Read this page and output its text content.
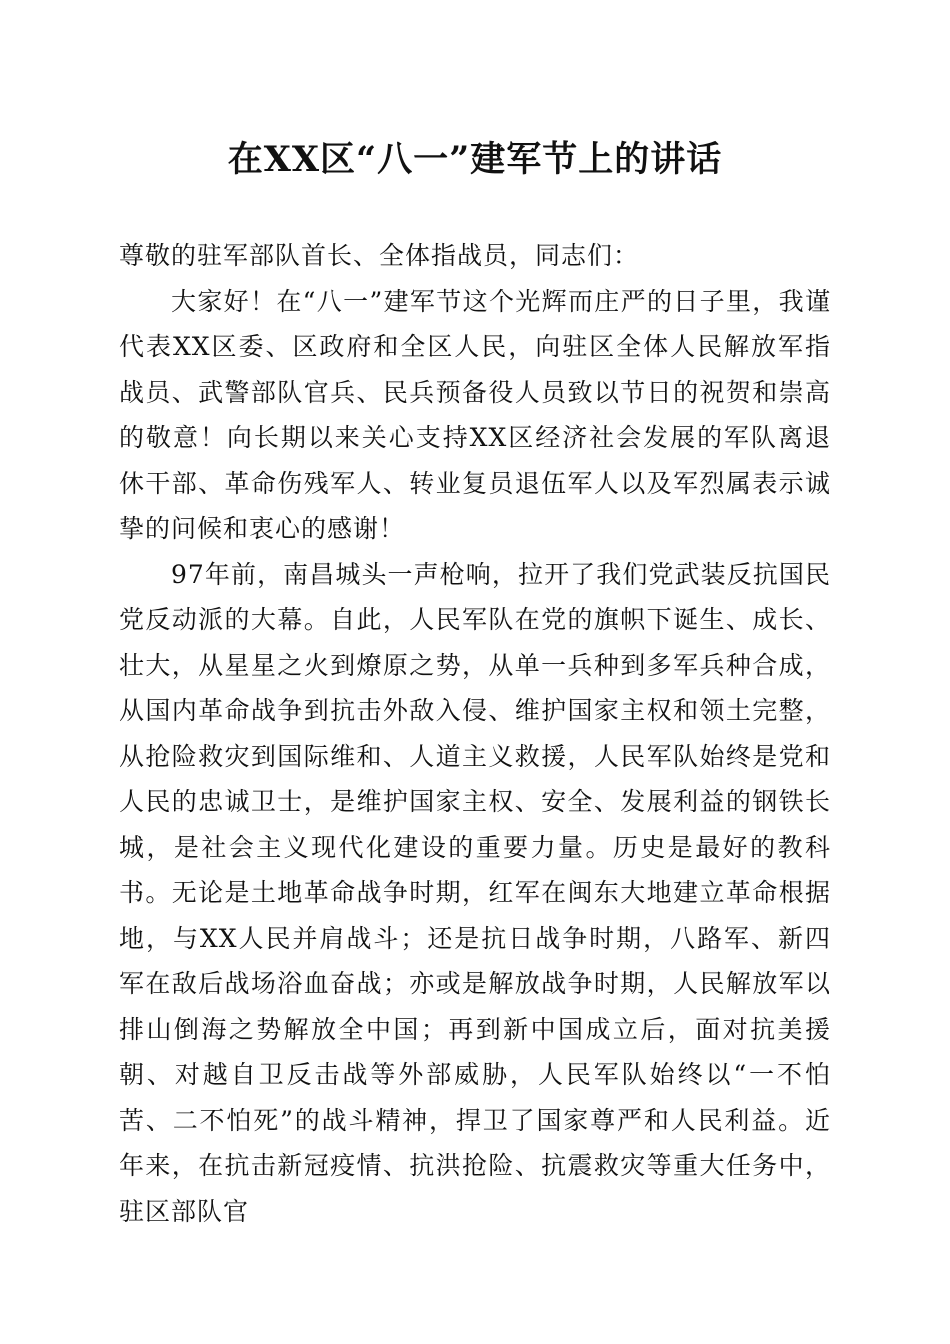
在XX区“八一”建军节上的讲话

尊敬的驻军部队首长、全体指战员，同志们：

大家好！在“八一”建军节这个光辉而庄严的日子里，我谨代表XX区委、区政府和全区人民，向驻区全体人民解放军指战员、武警部队官兵、民兵预备役人员致以节日的祝贺和崇高的敬意！向长期以来关心支持XX区经济社会发展的军队离退休干部、革命伤残军人、转业复员退伍军人以及军烈属表示诚挚的问候和衷心的感谢！

97年前，南昌城头一声枪响，拉开了我们党武装反抗国民党反动派的大幕。自此，人民军队在党的旗帜下诞生、成长、壮大，从星星之火到燎原之势，从单一兵种到多军兵种合成，从国内革命战争到抗击外敌入侵、维护国家主权和领土完整，从抢险救灾到国际维和、人道主义救援，人民军队始终是党和人民的忠诚卫士，是维护国家主权、安全、发展利益的钢铁长城，是社会主义现代化建设的重要力量。历史是最好的教科书。无论是土地革命战争时期，红军在闽东大地建立革命根据地，与XX人民并肩战斗；还是抗日战争时期，八路军、新四军在敌后战场浴血奋战；亦或是解放战争时期，人民解放军以排山倒海之势解放全中国；再到新中国成立后，面对抗美援朝、对越自卫反击战等外部威胁，人民军队始终以“一不怕苦、二不怕死”的战斗精神，捍卫了国家尊严和人民利益。近年来，在抗击新冠疫情、抗洪抢险、抗震救灾等重大任务中，驻区部队官
